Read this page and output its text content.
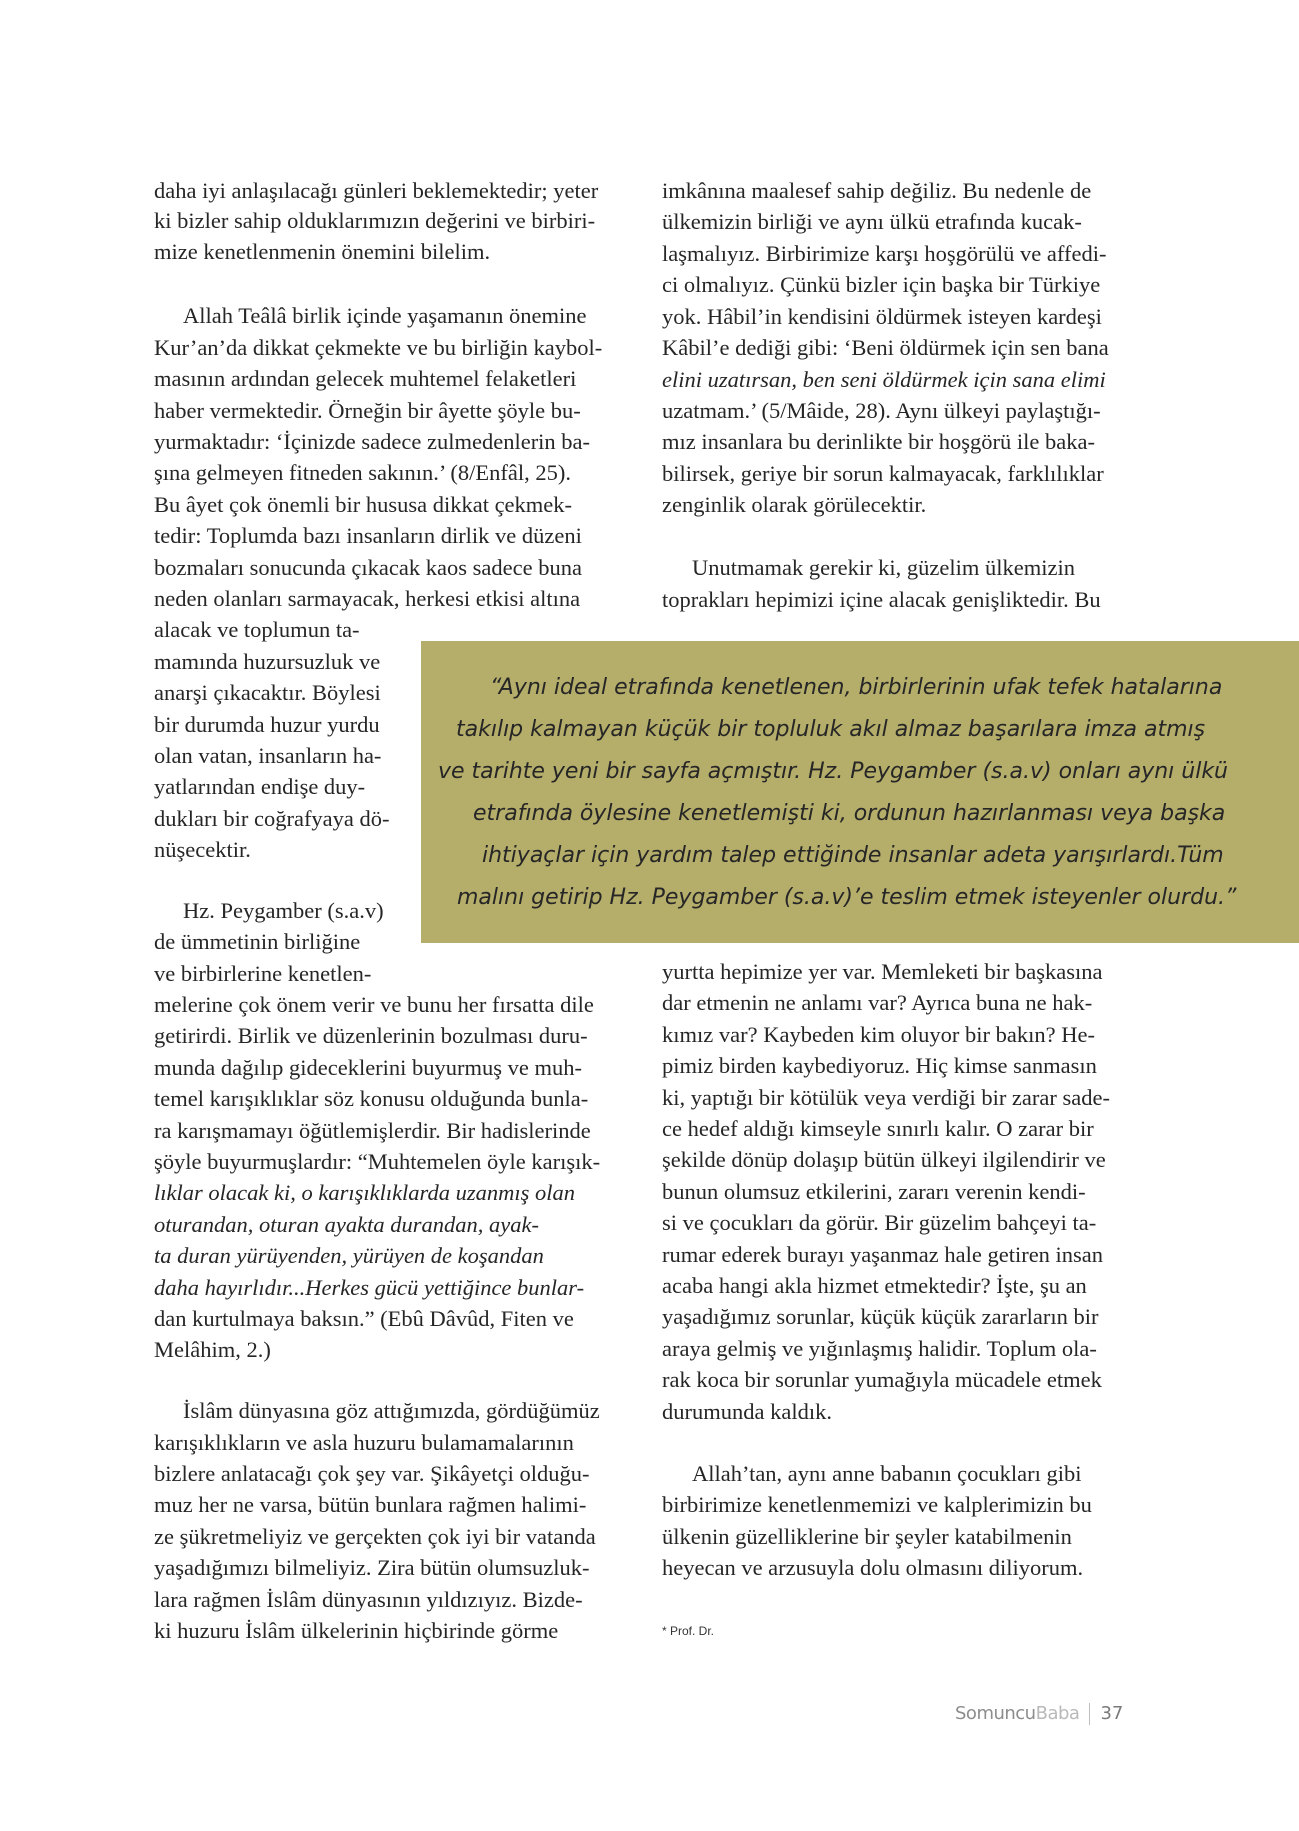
daha iyi anlaşılacağı günleri beklemektedir; yeter

ki bizler sahip olduklarımızın değerini ve birbiri-

mize kenetlenmenin önemini bilelim.

Allah Teâlâ birlik içinde yaşamanın önemine

Kur’an’da dikkat çekmekte ve bu birliğin kaybol-

masının ardından gelecek muhtemel felaketleri

haber vermektedir. Örneğin bir âyette şöyle bu-

yurmaktadır: ‘İçinizde sadece zulmedenlerin ba-

şına gelmeyen fitneden sakının.’ (8/Enfâl, 25).

Bu âyet çok önemli bir hususa dikkat çekmek-

tedir: Toplumda bazı insanların dirlik ve düzeni

bozmaları sonucunda çıkacak kaos sadece buna

neden olanları sarmayacak, herkesi etkisi altına

alacak ve toplumun ta-

mamında huzursuzluk ve

anarşi çıkacaktır. Böylesi

bir durumda huzur yurdu

olan vatan, insanların ha-

yatlarından endişe duy-

dukları bir coğrafyaya dö-

nüşecektir.

Hz. Peygamber (s.a.v)

de ümmetinin birliğine

ve birbirlerine kenetlen-

melerine çok önem verir ve bunu her fırsatta dile

getirirdi. Birlik ve düzenlerinin bozulması duru-

munda dağılıp gideceklerini buyurmuş ve muh-

temel karışıklıklar söz konusu olduğunda bunla-

ra karışmamayı öğütlemişlerdir. Bir hadislerinde

şöyle buyurmuşlardır: “Muhtemelen öyle karışık-

lıklar olacak ki, o karışıklıklarda uzanmış olan

oturandan, oturan ayakta durandan, ayak-

ta duran yürüyenden, yürüyen de koşandan

daha hayırlıdır...Herkes gücü yettiğince bunlar-

dan kurtulmaya baksın.” (Ebû Dâvûd, Fiten ve

Melâhim, 2.)

İslâm dünyasına göz attığımızda, gördüğümüz

karışıklıkların ve asla huzuru bulamamalarının

bizlere anlatacağı çok şey var. Şikâyetçi olduğu-

muz her ne varsa, bütün bunlara rağmen halimi-

ze şükretmeliyiz ve gerçekten çok iyi bir vatanda

yaşadığımızı bilmeliyiz. Zira bütün olumsuzluk-

lara rağmen İslâm dünyasının yıldızıyız. Bizde-

ki huzuru İslâm ülkelerinin hiçbirinde görme

imkânına maalesef sahip değiliz. Bu nedenle de

ülkemizin birliği ve aynı ülkü etrafında kucak-

laşmalıyız. Birbirimize karşı hoşgörülü ve affedi-

ci olmalıyız. Çünkü bizler için başka bir Türkiye

yok. Hâbil’in kendisini öldürmek isteyen kardeşi

Kâbil’e dediği gibi: ‘Beni öldürmek için sen bana

elini uzatırsan, ben seni öldürmek için sana elimi

uzatmam.’ (5/Mâide, 28). Aynı ülkeyi paylaştığı-

mız insanlara bu derinlikte bir hoşgörü ile baka-

bilirsek, geriye bir sorun kalmayacak, farklılıklar

zenginlik olarak görülecektir.

Unutmamak gerekir ki, güzelim ülkemizin

toprakları hepimizi içine alacak genişliktedir. Bu

yurtta hepimize yer var. Memleketi bir başkasına

dar etmenin ne anlamı var? Ayrıca buna ne hak-

kımız var? Kaybeden kim oluyor bir bakın? He-

pimiz birden kaybediyoruz. Hiç kimse sanmasın

ki, yaptığı bir kötülük veya verdiği bir zarar sade-

ce hedef aldığı kimseyle sınırlı kalır. O zarar bir

şekilde dönüp dolaşıp bütün ülkeyi ilgilendirir ve

bunun olumsuz etkilerini, zararı verenin kendi-

si ve çocukları da görür. Bir güzelim bahçeyi ta-

rumar ederek burayı yaşanmaz hale getiren insan

acaba hangi akla hizmet etmektedir? İşte, şu an

yaşadığımız sorunlar, küçük küçük zararların bir

araya gelmiş ve yığınlaşmış halidir. Toplum ola-

rak koca bir sorunlar yumağıyla mücadele etmek

durumunda kaldık.

Allah’tan, aynı anne babanın çocukları gibi

birbirimize kenetlenmemizi ve kalplerimizin bu

ülkenin güzelliklerine bir şeyler katabilmenin

heyecan ve arzusuyla dolu olmasını diliyorum.

* Prof. Dr.

“Aynı ideal etrafında kenetlenen, birbirlerinin ufak tefek hatalarına

takılıp kalmayan küçük bir topluluk akıl almaz başarılara imza atmış

ve tarihte yeni bir sayfa açmıştır. Hz. Peygamber (s.a.v) onları aynı ülkü

etrafında öylesine kenetlemişti ki, ordunun hazırlanması veya başka

ihtiyaçlar için yardım talep ettiğinde insanlar adeta yarışırlardı.Tüm

malını getirip Hz. Peygamber (s.a.v)’e teslim etmek isteyenler olurdu.”

SomuncuBaba 37
